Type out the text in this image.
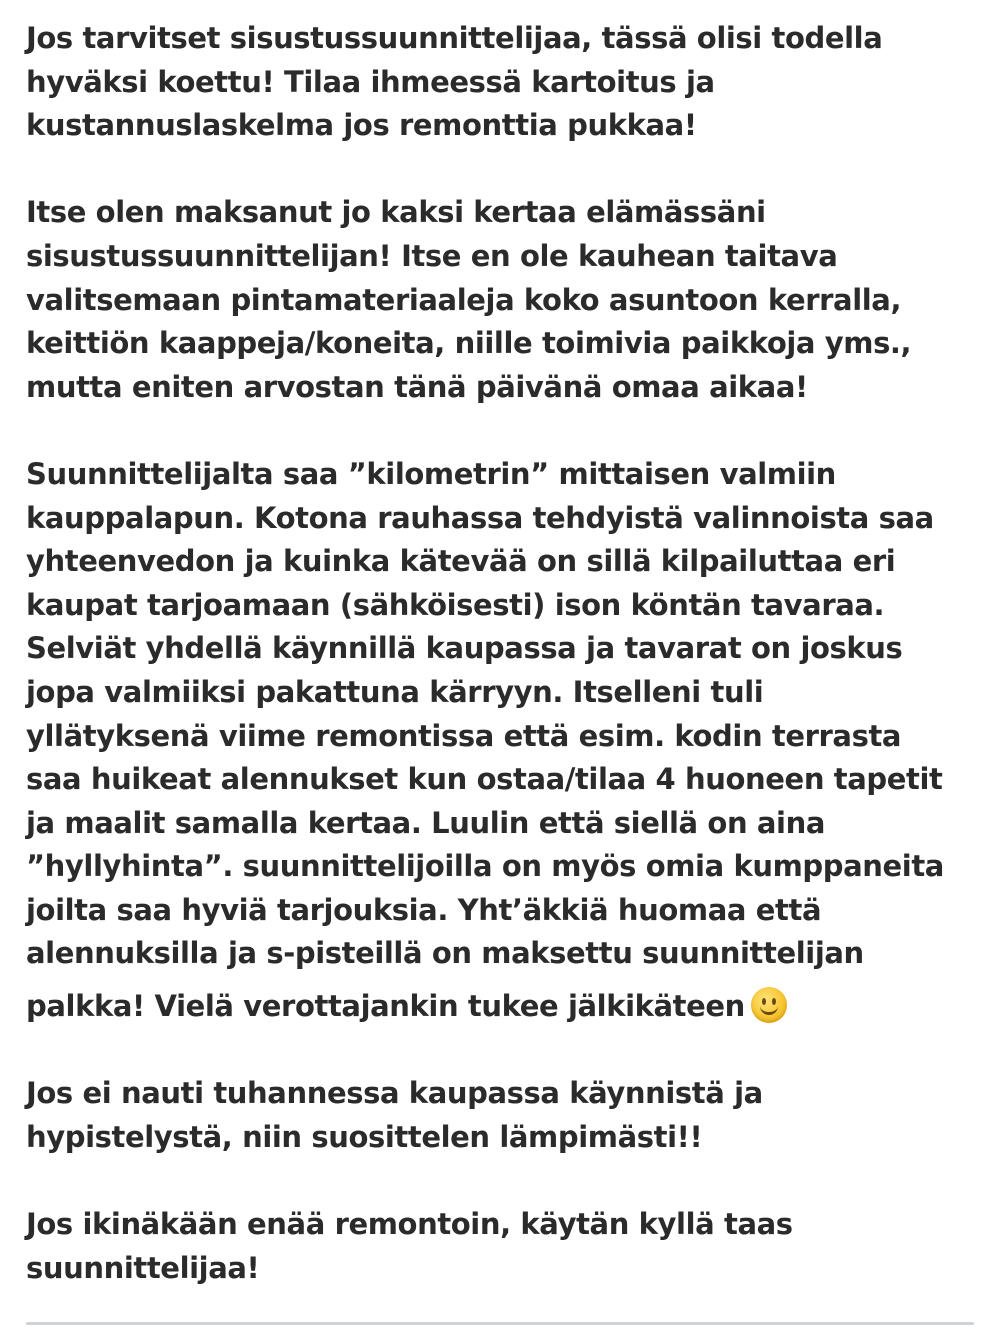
Jos tarvitset sisustussuunnittelijaa, tässä olisi todella
hyväksi koettu! Tilaa ihmeessä kartoitus ja
kustannuslaskelma jos remonttia pukkaa!

Itse olen maksanut jo kaksi kertaa elämässäni
sisustussuunnittelijan! Itse en ole kauhean taitava
valitsemaan pintamateriaaleja koko asuntoon kerralla,
keittiön kaappeja/koneita, niille toimivia paikkoja yms.,
mutta eniten arvostan tänä päivänä omaa aikaa!

Suunnittelijalta saa ”kilometrin” mittaisen valmiin
kauppalapun. Kotona rauhassa tehdyistä valinnoista saa
yhteenvedon ja kuinka kätevää on sillä kilpailuttaa eri
kaupat tarjoamaan (sähköisesti) ison köntän tavaraa.
Selviät yhdellä käynnillä kaupassa ja tavarat on joskus
jopa valmiiksi pakattuna kärryyn. Itselleni tuli
yllätyksenä viime remontissa että esim. kodin terrasta
saa huikeat alennukset kun ostaa/tilaa 4 huoneen tapetit
ja maalit samalla kertaa. Luulin että siellä on aina
”hyllyhinta”. suunnittelijoilla on myös omia kumppaneita
joilta saa hyviä tarjouksia. Yht’äkkiä huomaa että
alennuksilla ja s-pisteillä on maksettu suunnittelijan
palkka! Vielä verottajankin tukee jälkikäteen

Jos ei nauti tuhannessa kaupassa käynnistä ja
hypistelystä, niin suosittelen lämpimästi!!

Jos ikinäkään enää remontoin, käytän kyllä taas
suunnittelijaa!
